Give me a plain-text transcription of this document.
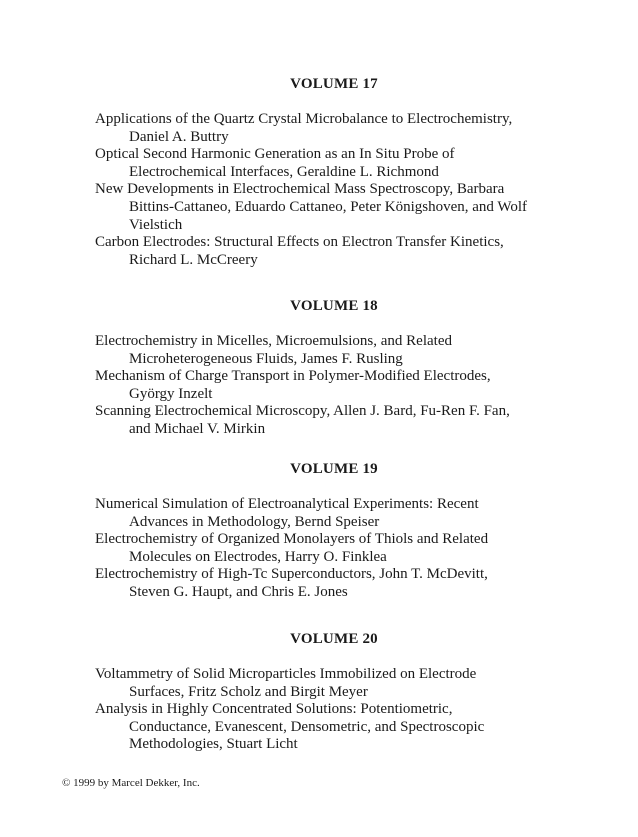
VOLUME 17
Applications of the Quartz Crystal Microbalance to Electrochemistry, Daniel A. Buttry
Optical Second Harmonic Generation as an In Situ Probe of Electrochemical Interfaces, Geraldine L. Richmond
New Developments in Electrochemical Mass Spectroscopy, Barbara Bittins-Cattaneo, Eduardo Cattaneo, Peter Königshoven, and Wolf Vielstich
Carbon Electrodes: Structural Effects on Electron Transfer Kinetics, Richard L. McCreery
VOLUME 18
Electrochemistry in Micelles, Microemulsions, and Related Microheterogeneous Fluids, James F. Rusling
Mechanism of Charge Transport in Polymer-Modified Electrodes, György Inzelt
Scanning Electrochemical Microscopy, Allen J. Bard, Fu-Ren F. Fan, and Michael V. Mirkin
VOLUME 19
Numerical Simulation of Electroanalytical Experiments: Recent Advances in Methodology, Bernd Speiser
Electrochemistry of Organized Monolayers of Thiols and Related Molecules on Electrodes, Harry O. Finklea
Electrochemistry of High-Tc Superconductors, John T. McDevitt, Steven G. Haupt, and Chris E. Jones
VOLUME 20
Voltammetry of Solid Microparticles Immobilized on Electrode Surfaces, Fritz Scholz and Birgit Meyer
Analysis in Highly Concentrated Solutions: Potentiometric, Conductance, Evanescent, Densometric, and Spectroscopic Methodologies, Stuart Licht
© 1999 by Marcel Dekker, Inc.
